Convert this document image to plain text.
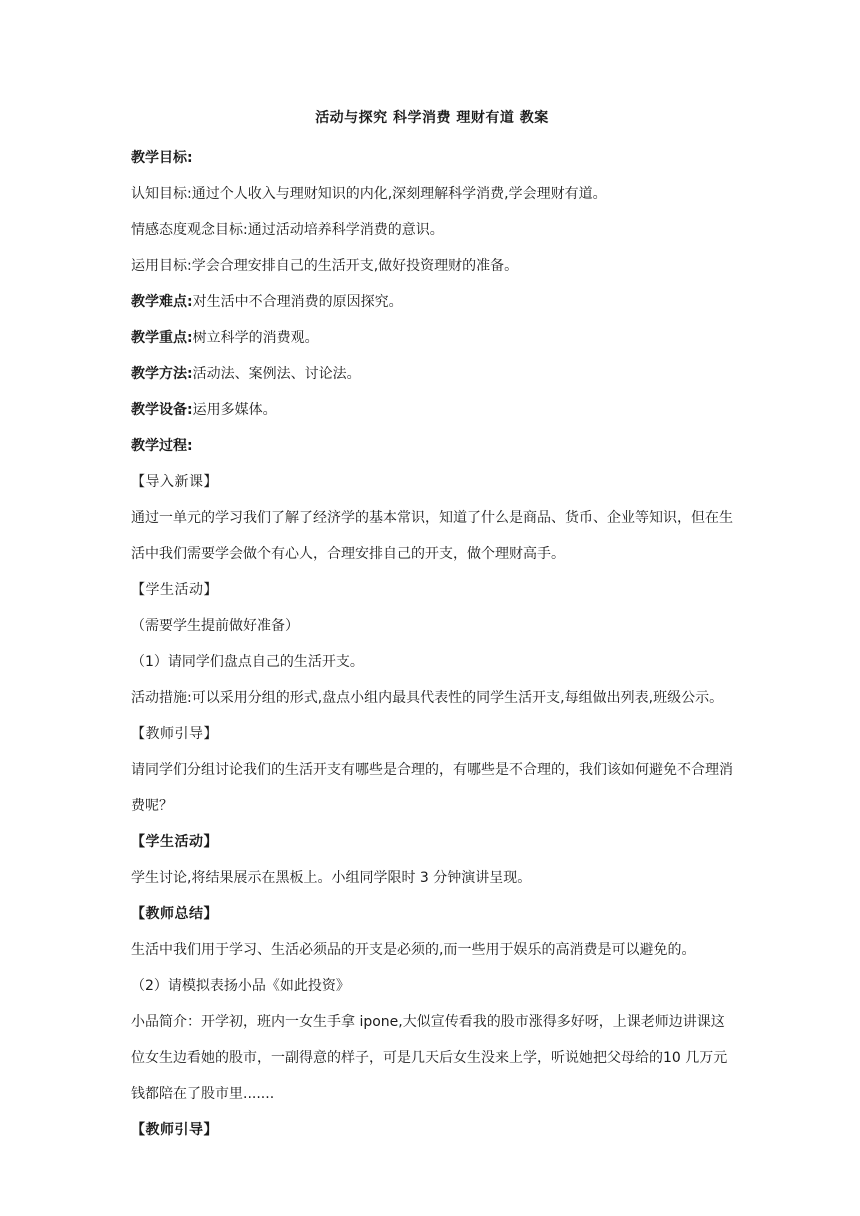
活动与探究 科学消费 理财有道 教案

教学目标:

认知目标:通过个人收入与理财知识的内化,深刻理解科学消费,学会理财有道。

情感态度观念目标:通过活动培养科学消费的意识。

运用目标:学会合理安排自己的生活开支,做好投资理财的准备。

教学难点:对生活中不合理消费的原因探究。

教学重点:树立科学的消费观。

教学方法:活动法、案例法、讨论法。

教学设备:运用多媒体。

教学过程:

【导入新课】

通过一单元的学习我们了解了经济学的基本常识，知道了什么是商品、货币、企业等知识，但在生活中我们需要学会做个有心人，合理安排自己的开支，做个理财高手。

【学生活动】

（需要学生提前做好准备）

（1）请同学们盘点自己的生活开支。

活动措施:可以采用分组的形式,盘点小组内最具代表性的同学生活开支,每组做出列表,班级公示。

【教师引导】

请同学们分组讨论我们的生活开支有哪些是合理的，有哪些是不合理的，我们该如何避免不合理消费呢？

【学生活动】

学生讨论,将结果展示在黑板上。小组同学限时 3 分钟演讲呈现。

【教师总结】

生活中我们用于学习、生活必须品的开支是必须的,而一些用于娱乐的高消费是可以避免的。

（2）请模拟表扬小品《如此投资》

小品简介：开学初，班内一女生手拿 ipone,大似宣传看我的股市涨得多好呀，上课老师边讲课这位女生边看她的股市，一副得意的样子，可是几天后女生没来上学，听说她把父母给的10 几万元钱都陪在了股市里.......

【教师引导】
